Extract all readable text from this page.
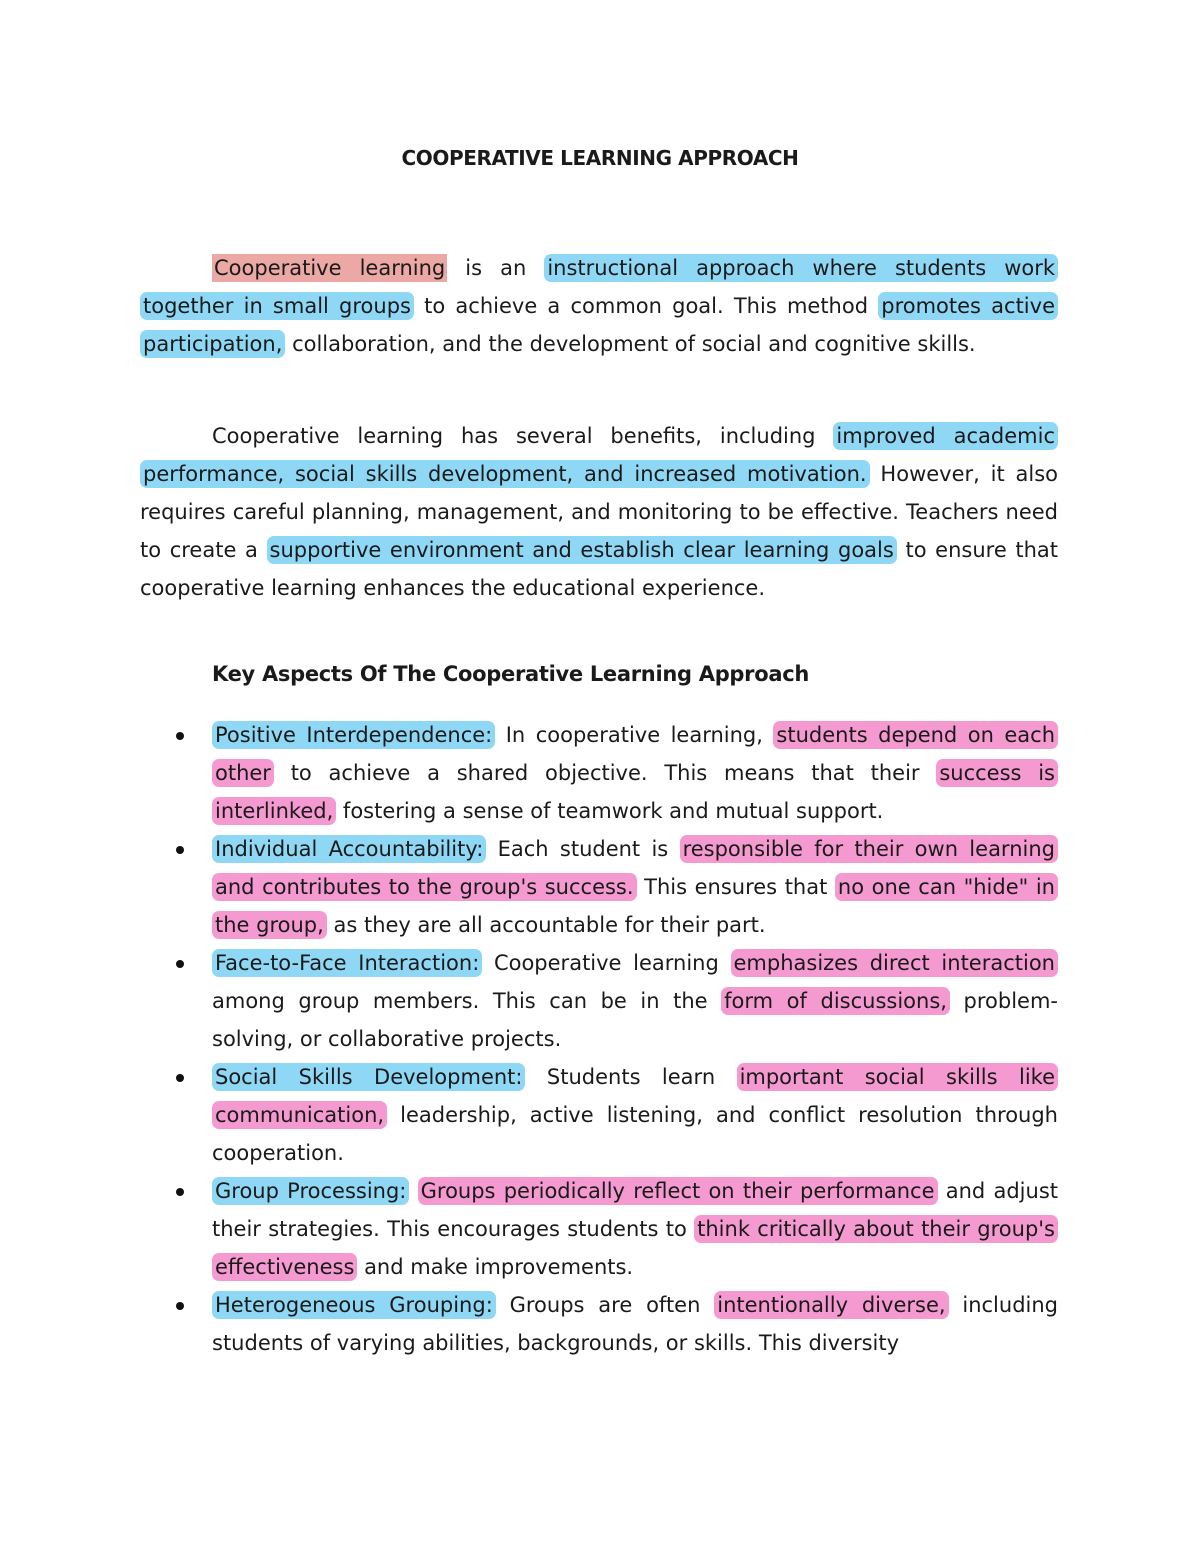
COOPERATIVE LEARNING APPROACH

Cooperative learning is an instructional approach where students work together in small groups to achieve a common goal. This method promotes active participation, collaboration, and the development of social and cognitive skills.

Cooperative learning has several benefits, including improved academic performance, social skills development, and increased motivation. However, it also requires careful planning, management, and monitoring to be effective. Teachers need to create a supportive environment and establish clear learning goals to ensure that cooperative learning enhances the educational experience.

Key Aspects Of The Cooperative Learning Approach
Positive Interdependence: In cooperative learning, students depend on each other to achieve a shared objective. This means that their success is interlinked, fostering a sense of teamwork and mutual support.
Individual Accountability: Each student is responsible for their own learning and contributes to the group's success. This ensures that no one can "hide" in the group, as they are all accountable for their part.
Face-to-Face Interaction: Cooperative learning emphasizes direct interaction among group members. This can be in the form of discussions, problem-solving, or collaborative projects.
Social Skills Development: Students learn important social skills like communication, leadership, active listening, and conflict resolution through cooperation.
Group Processing: Groups periodically reflect on their performance and adjust their strategies. This encourages students to think critically about their group's effectiveness and make improvements.
Heterogeneous Grouping: Groups are often intentionally diverse, including students of varying abilities, backgrounds, or skills. This diversity
